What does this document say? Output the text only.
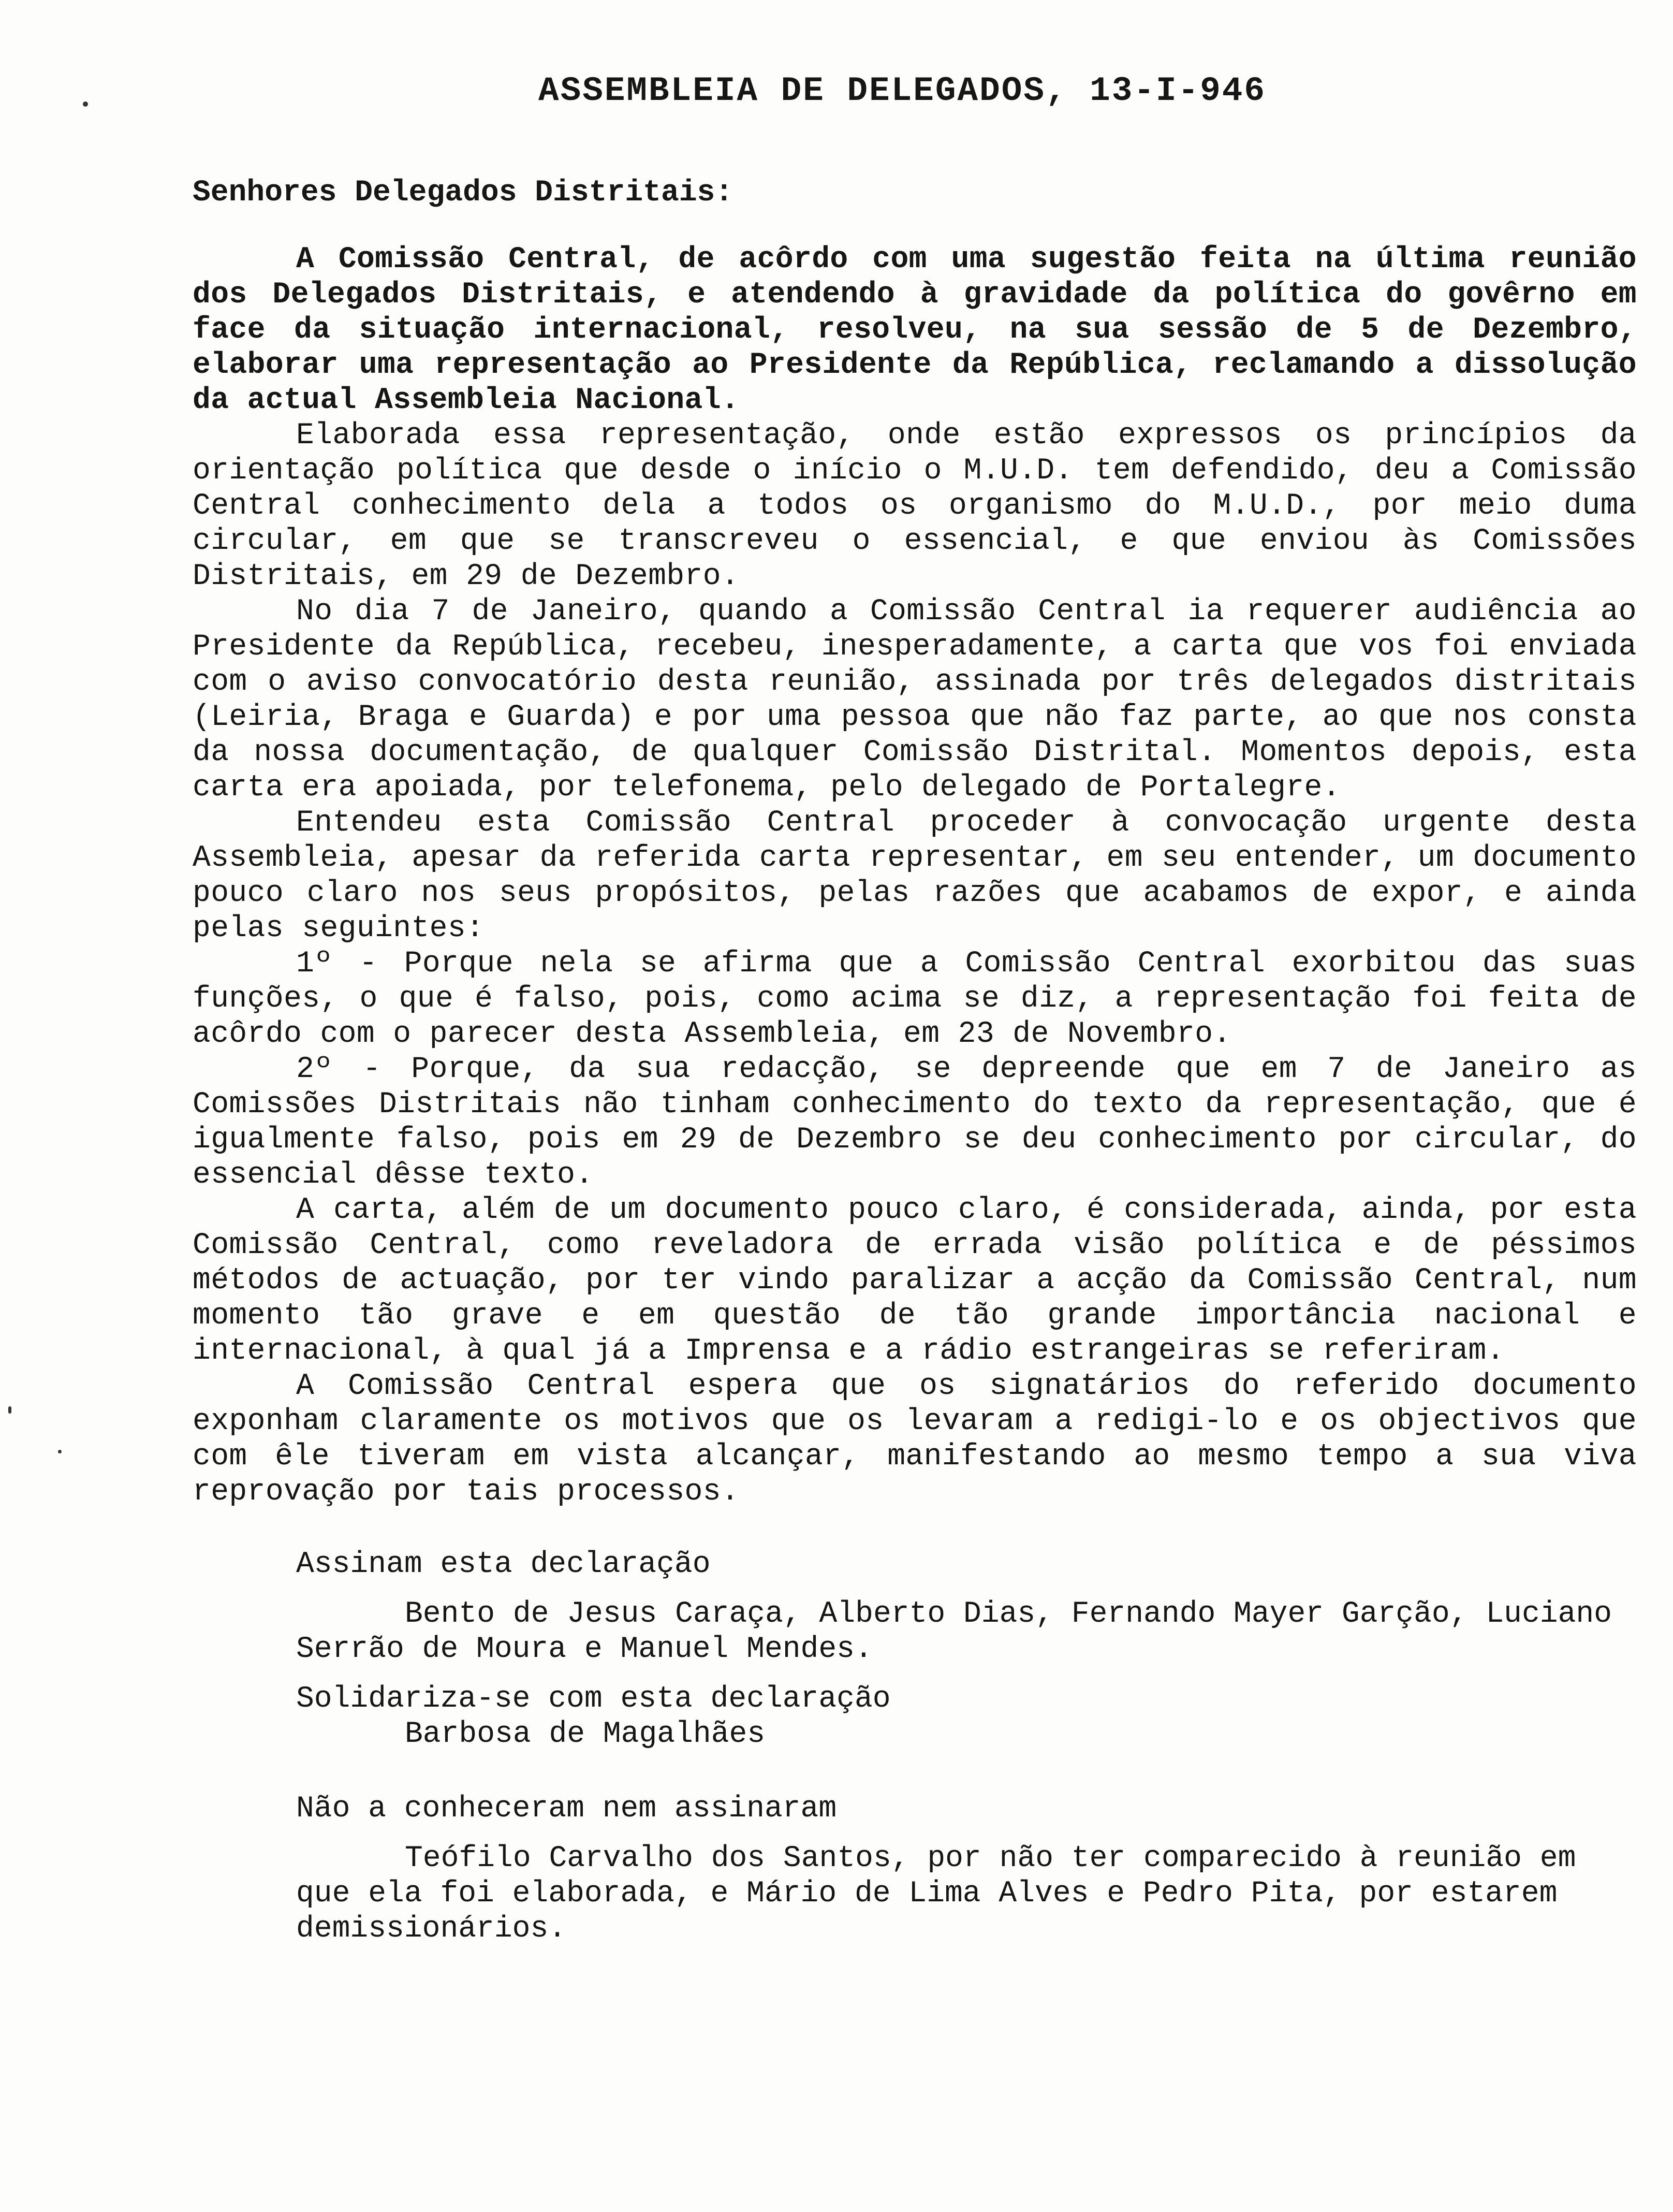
ASSEMBLEIA DE DELEGADOS, 13-I-946
Senhores Delegados Distritais:

A Comissão Central, de acôrdo com uma sugestão feita na última reunião dos Delegados Distritais, e atendendo à gravidade da política do govêrno em face da situação internacional, resolveu, na sua sessão de 5 de Dezembro, elaborar uma representação ao Presidente da República, reclamando a dissolução da actual Assembleia Nacional.

Elaborada essa representação, onde estão expressos os princípios da orientação política que desde o início o M.U.D. tem defendido, deu a Comissão Central conhecimento dela a todos os organismo do M.U.D., por meio duma circular, em que se transcreveu o essencial, e que enviou às Comissões Distritais, em 29 de Dezembro.

No dia 7 de Janeiro, quando a Comissão Central ia requerer audiência ao Presidente da República, recebeu, inesperadamente, a carta que vos foi enviada com o aviso convocatório desta reunião, assinada por três delegados distritais (Leiria, Braga e Guarda) e por uma pessoa que não faz parte, ao que nos consta da nossa documentação, de qualquer Comissão Distrital. Momentos depois, esta carta era apoiada, por telefonema, pelo delegado de Portalegre.

Entendeu esta Comissão Central proceder à convocação urgente desta Assembleia, apesar da referida carta representar, em seu entender, um documento pouco claro nos seus propósitos, pelas razões que acabamos de expor, e ainda pelas seguintes:

1º - Porque nela se afirma que a Comissão Central exorbitou das suas funções, o que é falso, pois, como acima se diz, a representação foi feita de acôrdo com o parecer desta Assembleia, em 23 de Novembro.

2º - Porque, da sua redacção, se depreende que em 7 de Janeiro as Comissões Distritais não tinham conhecimento do texto da representação, que é igualmente falso, pois em 29 de Dezembro se deu conhecimento por circular, do essencial dêsse texto.

A carta, além de um documento pouco claro, é considerada, ainda, por esta Comissão Central, como reveladora de errada visão política e de péssimos métodos de actuação, por ter vindo paralizar a acção da Comissão Central, num momento tão grave e em questão de tão grande importância nacional e internacional, à qual já a Imprensa e a rádio estrangeiras se referiram.

A Comissão Central espera que os signatários do referido documento exponham claramente os motivos que os levaram a redigi-lo e os objectivos que com êle tiveram em vista alcançar, manifestando ao mesmo tempo a sua viva reprovação por tais processos.

Assinam esta declaração

Bento de Jesus Caraça, Alberto Dias, Fernando Mayer Garção, Luciano Serrão de Moura e Manuel Mendes.

Solidariza-se com esta declaração

Barbosa de Magalhães

Não a conheceram nem assinaram

Teófilo Carvalho dos Santos, por não ter comparecido à reunião em que ela foi elaborada, e Mário de Lima Alves e Pedro Pita, por estarem demissionários.
